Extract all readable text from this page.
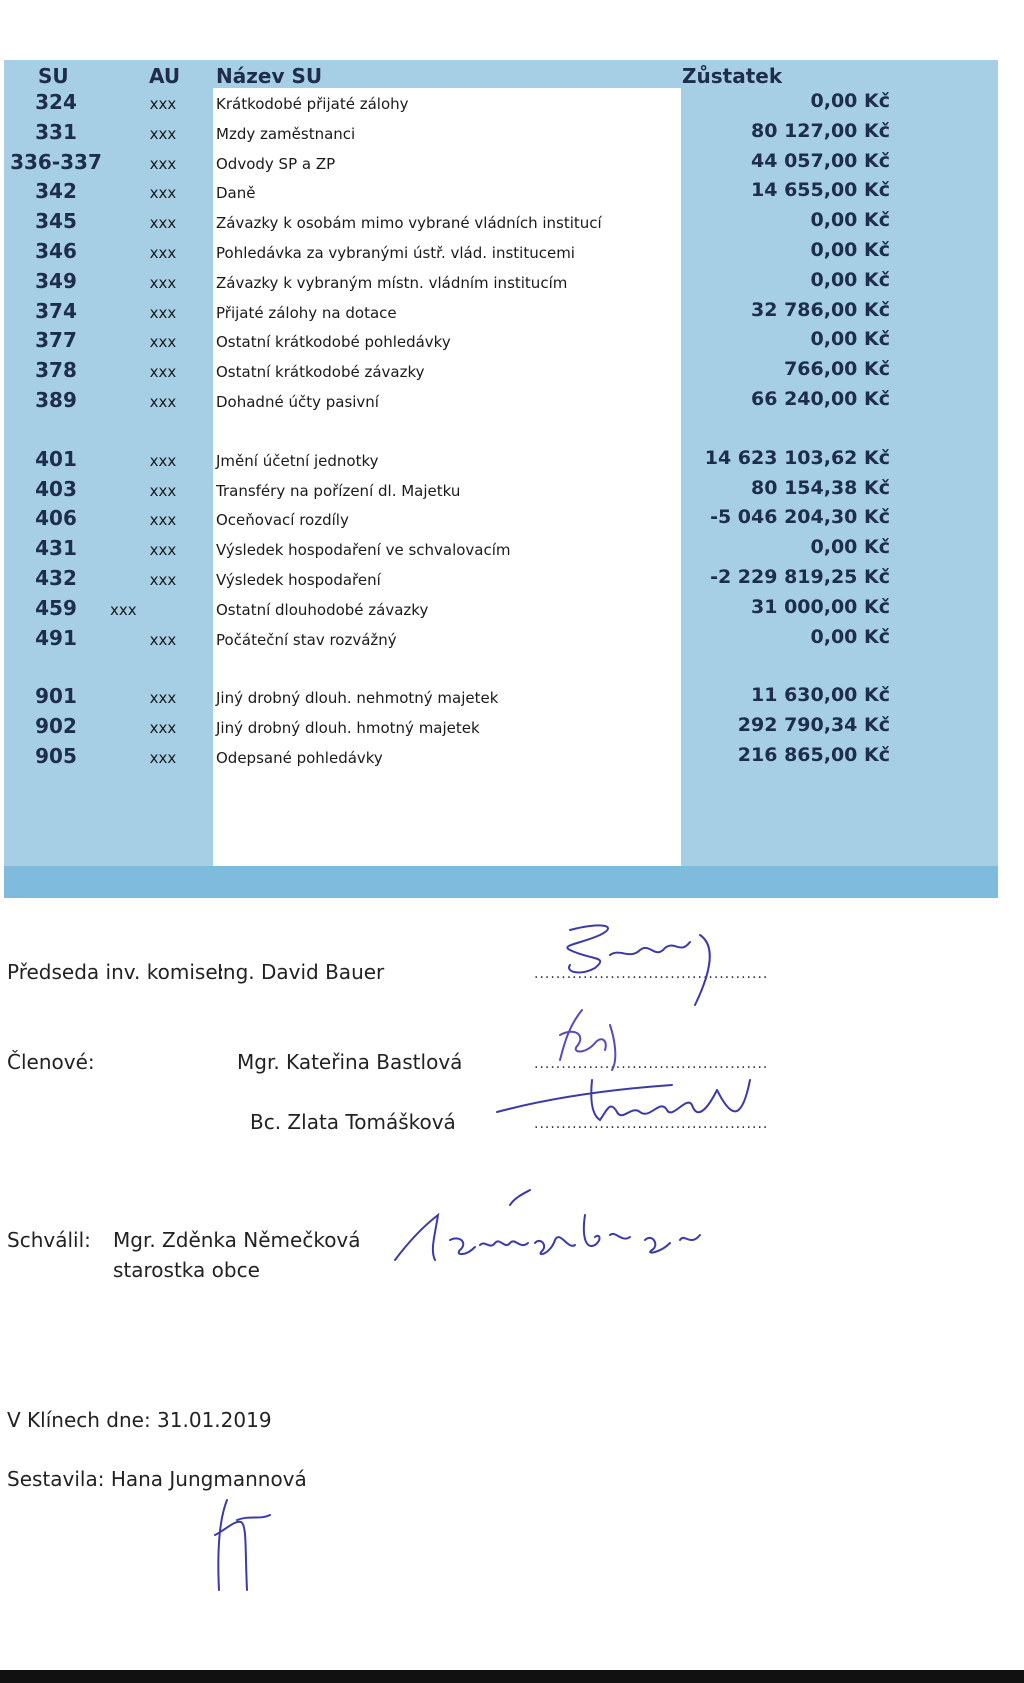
SU	AU Název SU	Zůstatek
324	xxx	Krátkodobé přijaté zálohy	0,00 Kč
331	xxx	Mzdy zaměstnanci	80 127,00 Kč
336-337	xxx	Odvody SP a ZP	44 057,00 Kč
342	xxx	Daně	14 655,00 Kč
345	xxx	Závazky k osobám mimo vybrané vládních institucí	0,00 Kč
346	xxx	Pohledávka za vybranými ústř. vlád. institucemi	0,00 Kč
349	xxx	Závazky k vybraným místn. vládním institucím	0,00 Kč
374	xxx	Přijaté zálohy na dotace	32 786,00 Kč
377	xxx	Ostatní krátkodobé pohledávky	0,00 Kč
378	xxx	Ostatní krátkodobé závazky	766,00 Kč
389	xxx	Dohadné účty pasivní	66 240,00 Kč
401	xxx	Jmění účetní jednotky	14 623 103,62 Kč
403	xxx	Transféry na pořízení dl. Majetku	80 154,38 Kč
406	xxx	Oceňovací rozdíly	-5 046 204,30 Kč
431	xxx	Výsledek hospodaření ve schvalovacím	0,00 Kč
432	xxx	Výsledek hospodaření	-2 229 819,25 Kč
459	xxx	Ostatní dlouhodobé závazky	31 000,00 Kč
491	xxx	Počáteční stav rozvážný	0,00 Kč
901	xxx	Jiný drobný dlouh. nehmotný majetek	11 630,00 Kč
902	xxx	Jiný drobný dlouh. hmotný majetek	292 790,34 Kč
905	xxx	Odepsané pohledávky	216 865,00 Kč
Předseda inv. komise:
Ing. David Bauer	...........................................
Členové:	Mgr. Kateřina Bastlová	...........................................
Bc. Zlata Tomášková	...........................................
Schválil: Mgr. Zděnka Němečková
starostka obce
V Klínech dne: 31.01.2019
Sestavila: Hana Jungmannová
